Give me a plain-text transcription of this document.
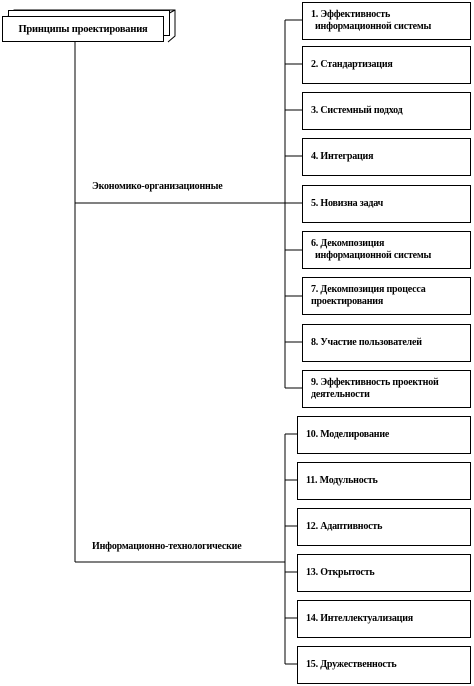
Принципы проектирования
Экономико-организационные
Информационно-технологические
1. Эффективность
информационной системы
2. Стандартизация
3. Системный подход
4. Интеграция
5. Новизна задач
6. Декомпозиция
информационной системы
7. Декомпозиция процесса
проектирования
8. Участие пользователей
9. Эффективность проектной
деятельности
10. Моделирование
11. Модульность
12. Адаптивность
13. Открытость
14. Интеллектуализация
15. Дружественность
